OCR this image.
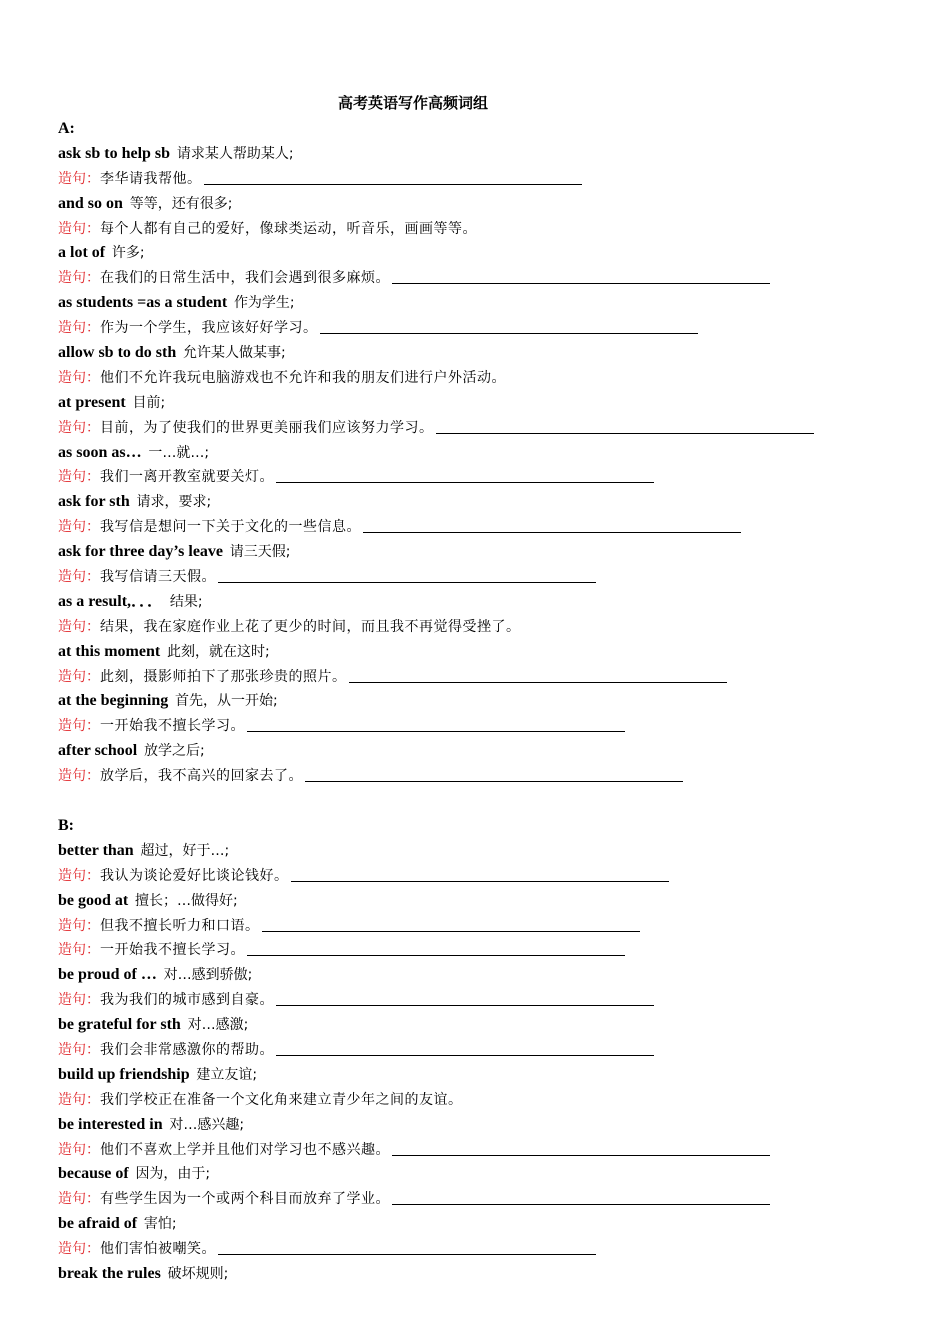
高考英语写作高频词组
A:
ask sb to help sb 请求某人帮助某人;
造句：李华请我帮他。
and so on 等等，还有很多;
造句：每个人都有自己的爱好，像球类运动，听音乐，画画等等。
a lot of 许多;
造句：在我们的日常生活中，我们会遇到很多麻烦。
as students =as a student 作为学生;
造句：作为一个学生，我应该好好学习。
allow sb to do sth 允许某人做某事;
造句：他们不允许我玩电脑游戏也不允许和我的朋友们进行户外活动。
at present 目前;
造句：目前，为了使我们的世界更美丽我们应该努力学习。
as soon as… 一…就…;
造句：我们一离开教室就要关灯。
ask for sth 请求，要求;
造句：我写信是想问一下关于文化的一些信息。
ask for three day’s leave 请三天假;
造句：我写信请三天假。
as a result,．．． 结果;
造句：结果，我在家庭作业上花了更少的时间，而且我不再觉得受挫了。
at this moment 此刻，就在这时;
造句：此刻，摄影师拍下了那张珍贵的照片。
at the beginning 首先，从一开始;
造句：一开始我不擅长学习。
after school 放学之后;
造句：放学后，我不高兴的回家去了。
B:
better than 超过，好于…;
造句：我认为谈论爱好比谈论钱好。
be good at 擅长；…做得好;
造句：但我不擅长听力和口语。
造句：一开始我不擅长学习。
be proud of … 对…感到骄傲;
造句：我为我们的城市感到自豪。
be grateful for sth 对…感激;
造句：我们会非常感激你的帮助。
build up friendship 建立友谊;
造句：我们学校正在准备一个文化角来建立青少年之间的友谊。
be interested in 对…感兴趣;
造句：他们不喜欢上学并且他们对学习也不感兴趣。
because of 因为，由于;
造句：有些学生因为一个或两个科目而放弃了学业。
be afraid of 害怕;
造句：他们害怕被嘲笑。
break the rules 破坏规则;
